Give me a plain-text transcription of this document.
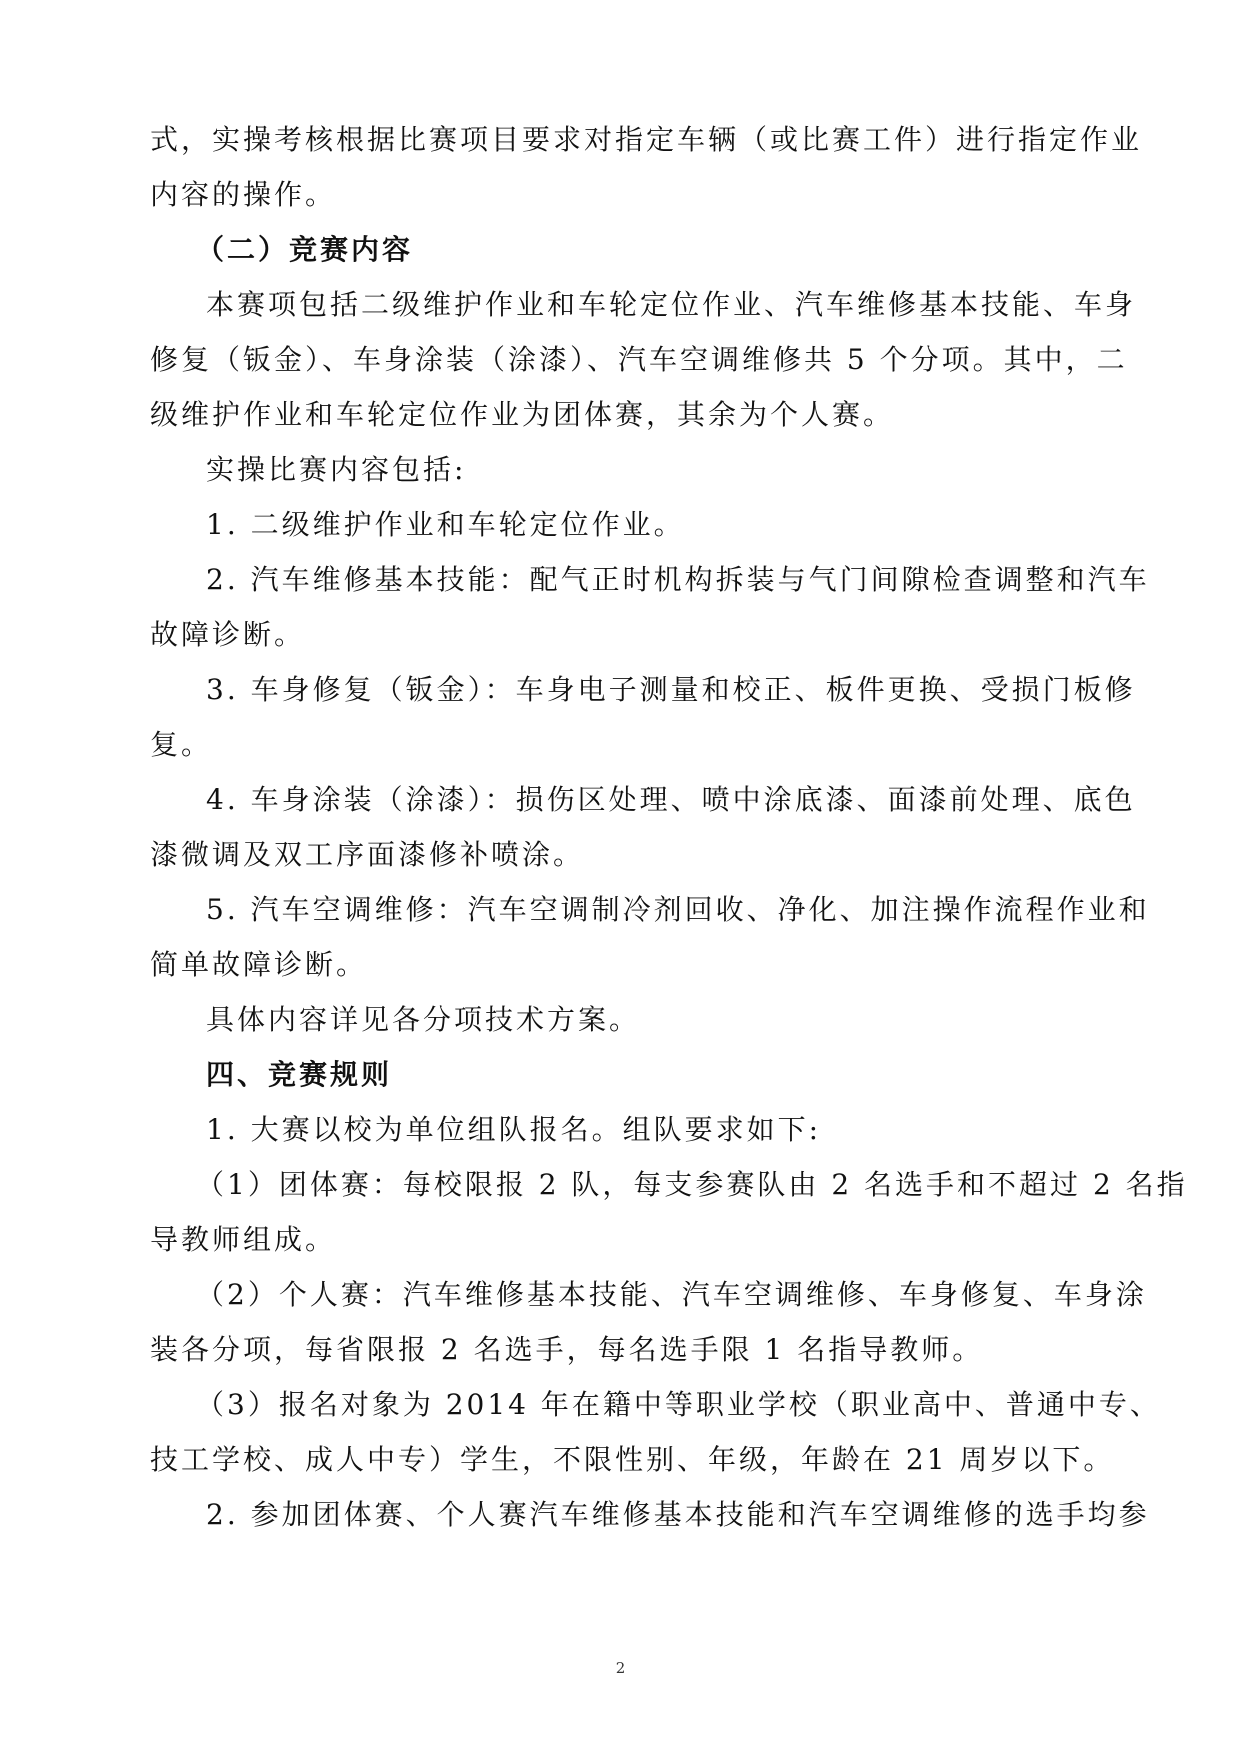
式，实操考核根据比赛项目要求对指定车辆（或比赛工件）进行指定作业
内容的操作。
（二）竞赛内容
本赛项包括二级维护作业和车轮定位作业、汽车维修基本技能、车身
修复（钣金）、车身涂装（涂漆）、汽车空调维修共 5 个分项。其中，二
级维护作业和车轮定位作业为团体赛，其余为个人赛。
实操比赛内容包括:
1. 二级维护作业和车轮定位作业。
2. 汽车维修基本技能：配气正时机构拆装与气门间隙检查调整和汽车
故障诊断。
3. 车身修复（钣金）：车身电子测量和校正、板件更换、受损门板修
复。
4. 车身涂装（涂漆）：损伤区处理、喷中涂底漆、面漆前处理、底色
漆微调及双工序面漆修补喷涂。
5. 汽车空调维修：汽车空调制冷剂回收、净化、加注操作流程作业和
简单故障诊断。
具体内容详见各分项技术方案。
四、竞赛规则
1. 大赛以校为单位组队报名。组队要求如下:
（1）团体赛：每校限报 2 队，每支参赛队由 2 名选手和不超过 2 名指
导教师组成。
（2）个人赛：汽车维修基本技能、汽车空调维修、车身修复、车身涂
装各分项，每省限报 2 名选手，每名选手限 1 名指导教师。
（3）报名对象为 2014 年在籍中等职业学校（职业高中、普通中专、
技工学校、成人中专）学生，不限性别、年级，年龄在 21 周岁以下。
2. 参加团体赛、个人赛汽车维修基本技能和汽车空调维修的选手均参
2
